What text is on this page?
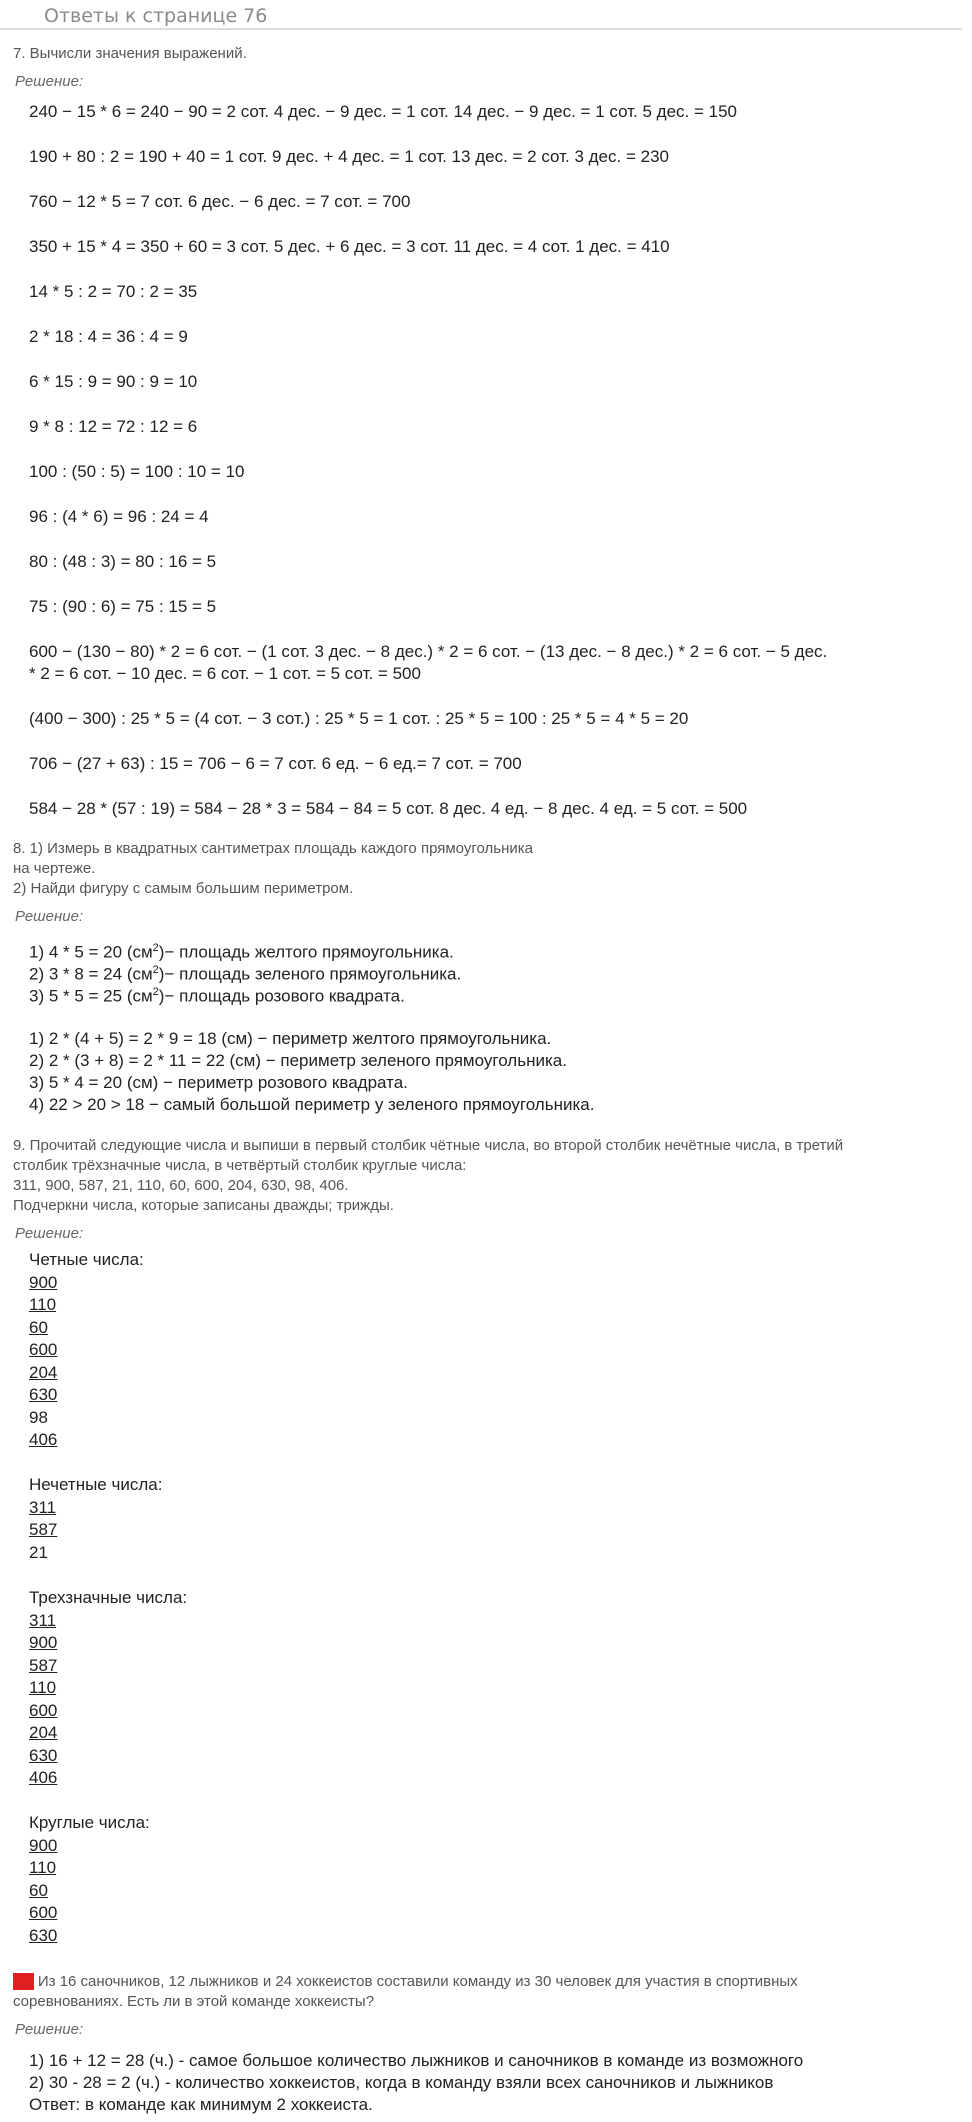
Ответы к странице 76
7. Вычисли значения выражений.
Решение:
240 − 15 * 6 = 240 − 90 = 2 сот. 4 дес. − 9 дес. = 1 сот. 14 дес. − 9 дес. = 1 сот. 5 дес. = 150
190 + 80 : 2 = 190 + 40 = 1 сот. 9 дес. + 4 дес. = 1 сот. 13 дес. = 2 сот. 3 дес. = 230
760 − 12 * 5 = 7 сот. 6 дес. − 6 дес. = 7 сот. = 700
350 + 15 * 4 = 350 + 60 = 3 сот. 5 дес. + 6 дес. = 3 сот. 11 дес. = 4 сот. 1 дес. = 410
14 * 5 : 2 = 70 : 2 = 35
2 * 18 : 4 = 36 : 4 = 9
6 * 15 : 9 = 90 : 9 = 10
9 * 8 : 12 = 72 : 12 = 6
100 : (50 : 5) = 100 : 10 = 10
96 : (4 * 6) = 96 : 24 = 4
80 : (48 : 3) = 80 : 16 = 5
75 : (90 : 6) = 75 : 15 = 5
600 − (130 − 80) * 2 = 6 сот. − (1 сот. 3 дес. − 8 дес.) * 2 = 6 сот. − (13 дес. − 8 дес.) * 2 = 6 сот. − 5 дес.
* 2 = 6 сот. − 10 дес. = 6 сот. − 1 сот. = 5 сот. = 500
(400 − 300) : 25 * 5 = (4 сот. − 3 сот.) : 25 * 5 = 1 сот. : 25 * 5 = 100 : 25 * 5 = 4 * 5 = 20
706 − (27 + 63) : 15 = 706 − 6 = 7 сот. 6 ед. − 6 ед.= 7 сот. = 700
584 − 28 * (57 : 19) = 584 − 28 * 3 = 584 − 84 = 5 сот. 8 дес. 4 ед. − 8 дес. 4 ед. = 5 сот. = 500
8. 1) Измерь в квадратных сантиметрах площадь каждого прямоугольника
на чертеже.
2) Найди фигуру с самым большим периметром.
Решение:
1) 4 * 5 = 20 $(см^2)-$ площадь желтого прямоугольника.
2) 3 * 8 = 24 $(см^2)-$ площадь зеленого прямоугольника.
3) 5 * 5 = 25 $(см^2)-$ площадь розового квадрата.
1) 2 * (4 + 5) = 2 * 9 = 18 (см) − периметр желтого прямоугольника.
2) 2 * (3 + 8) = 2 * 11 = 22 (см) − периметр зеленого прямоугольника.
3) 5 * 4 = 20 (см) − периметр розового квадрата.
4) 22 > 20 > 18 − самый большой периметр у зеленого прямоугольника.
9. Прочитай следующие числа и выпиши в первый столбик чётные числа, во второй столбик нечётные числа, в третий
столбик трёхзначные числа, в четвёртый столбик круглые числа:
311, 900, 587, 21, 110, 60, 600, 204, 630, 98, 406.
Подчеркни числа, которые записаны дважды; трижды.
Решение:
Четные числа:
900
110
60
600
204
630
98
406
Нечетные числа:
311
587
21
Трехзначные числа:
311
900
587
110
600
204
630
406
Круглые числа:
900
110
60
600
630
10 Из 16 саночников, 12 лыжников и 24 хоккеистов составили команду из 30 человек для участия в спортивных
соревнованиях. Есть ли в этой команде хоккеисты?
Решение:
1) 16 + 12 = 28 (ч.) - самое большое количество лыжников и саночников в команде из возможного
2) 30 - 28 = 2 (ч.) - количество хоккеистов, когда в команду взяли всех саночников и лыжников
Ответ: в команде как минимум 2 хоккеиста.
